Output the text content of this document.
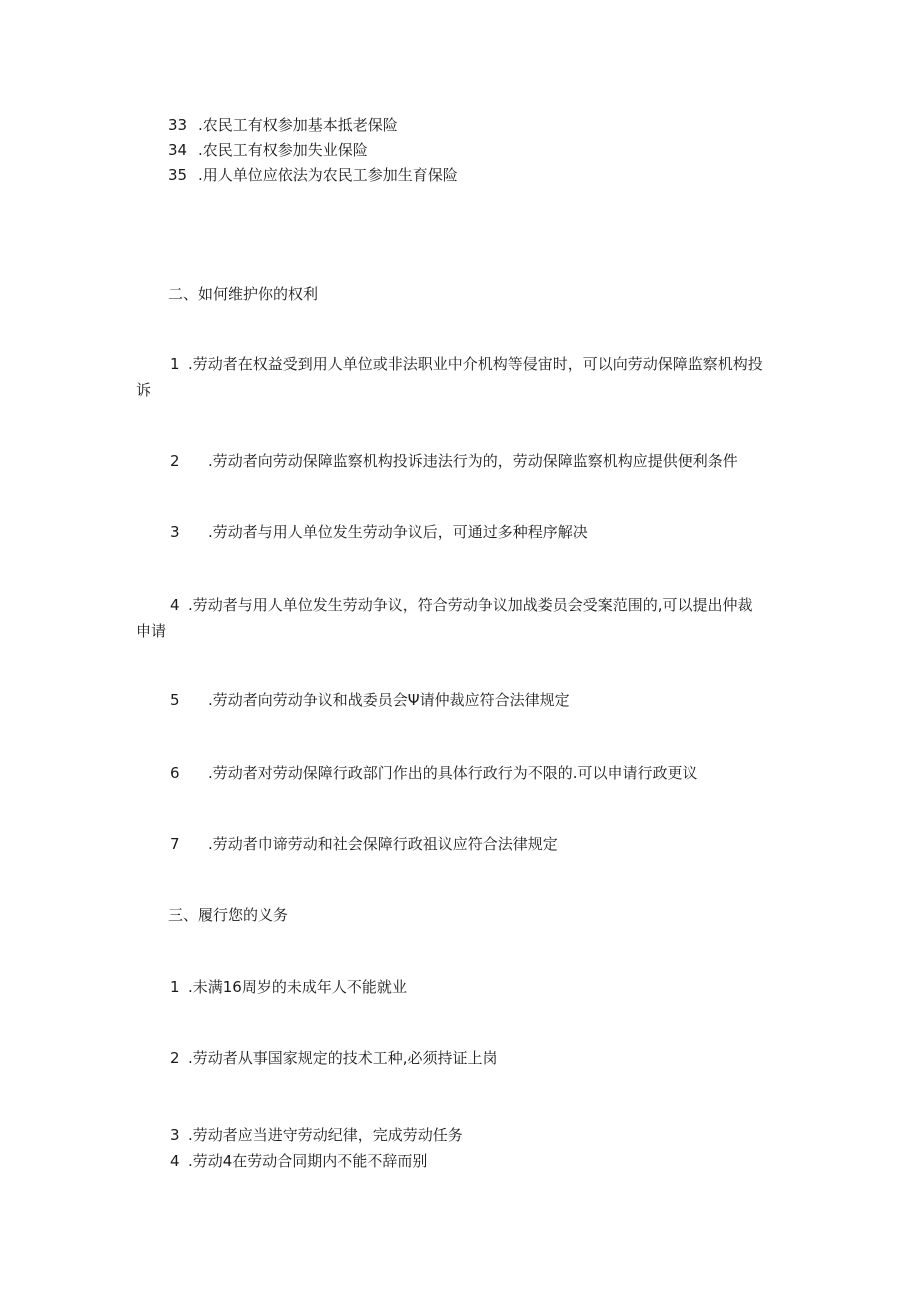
33 .农民工有权参加基本抵老保险
34 .农民工有权参加失业保险
35 .用人单位应依法为农民工参加生育保险
二、如何维护你的权利
1 .劳动者在权益受到用人单位或非法职业中介机构等侵宙时，可以向劳动保障监察机构投
诉
2 .劳动者向劳动保障监察机构投诉违法行为的，劳动保障监察机构应提供便利条件
3 .劳动者与用人单位发生劳动争议后，可通过多种程序解决
4 .劳动者与用人单位发生劳动争议，符合劳动争议加战娄员会受案范围的,可以提出仲裁
申请
5 .劳动者向劳动争议和战委员会Ψ请仲裁应符合法律规定
6 .劳动者对劳动保障行政部门作出的具体行政行为不限的.可以申请行政更议
7 .劳动者巾谛劳动和社会保障行政祖议应符合法律规定
三、履行您的义务
1 .未满16周岁的未成年人不能就业
2 .劳动者从事国家规定的技术工种,必须持证上岗
3 .劳动者应当进守劳动纪律，完成劳动任务
4 .劳动4在劳动合同期内不能不辞而别
